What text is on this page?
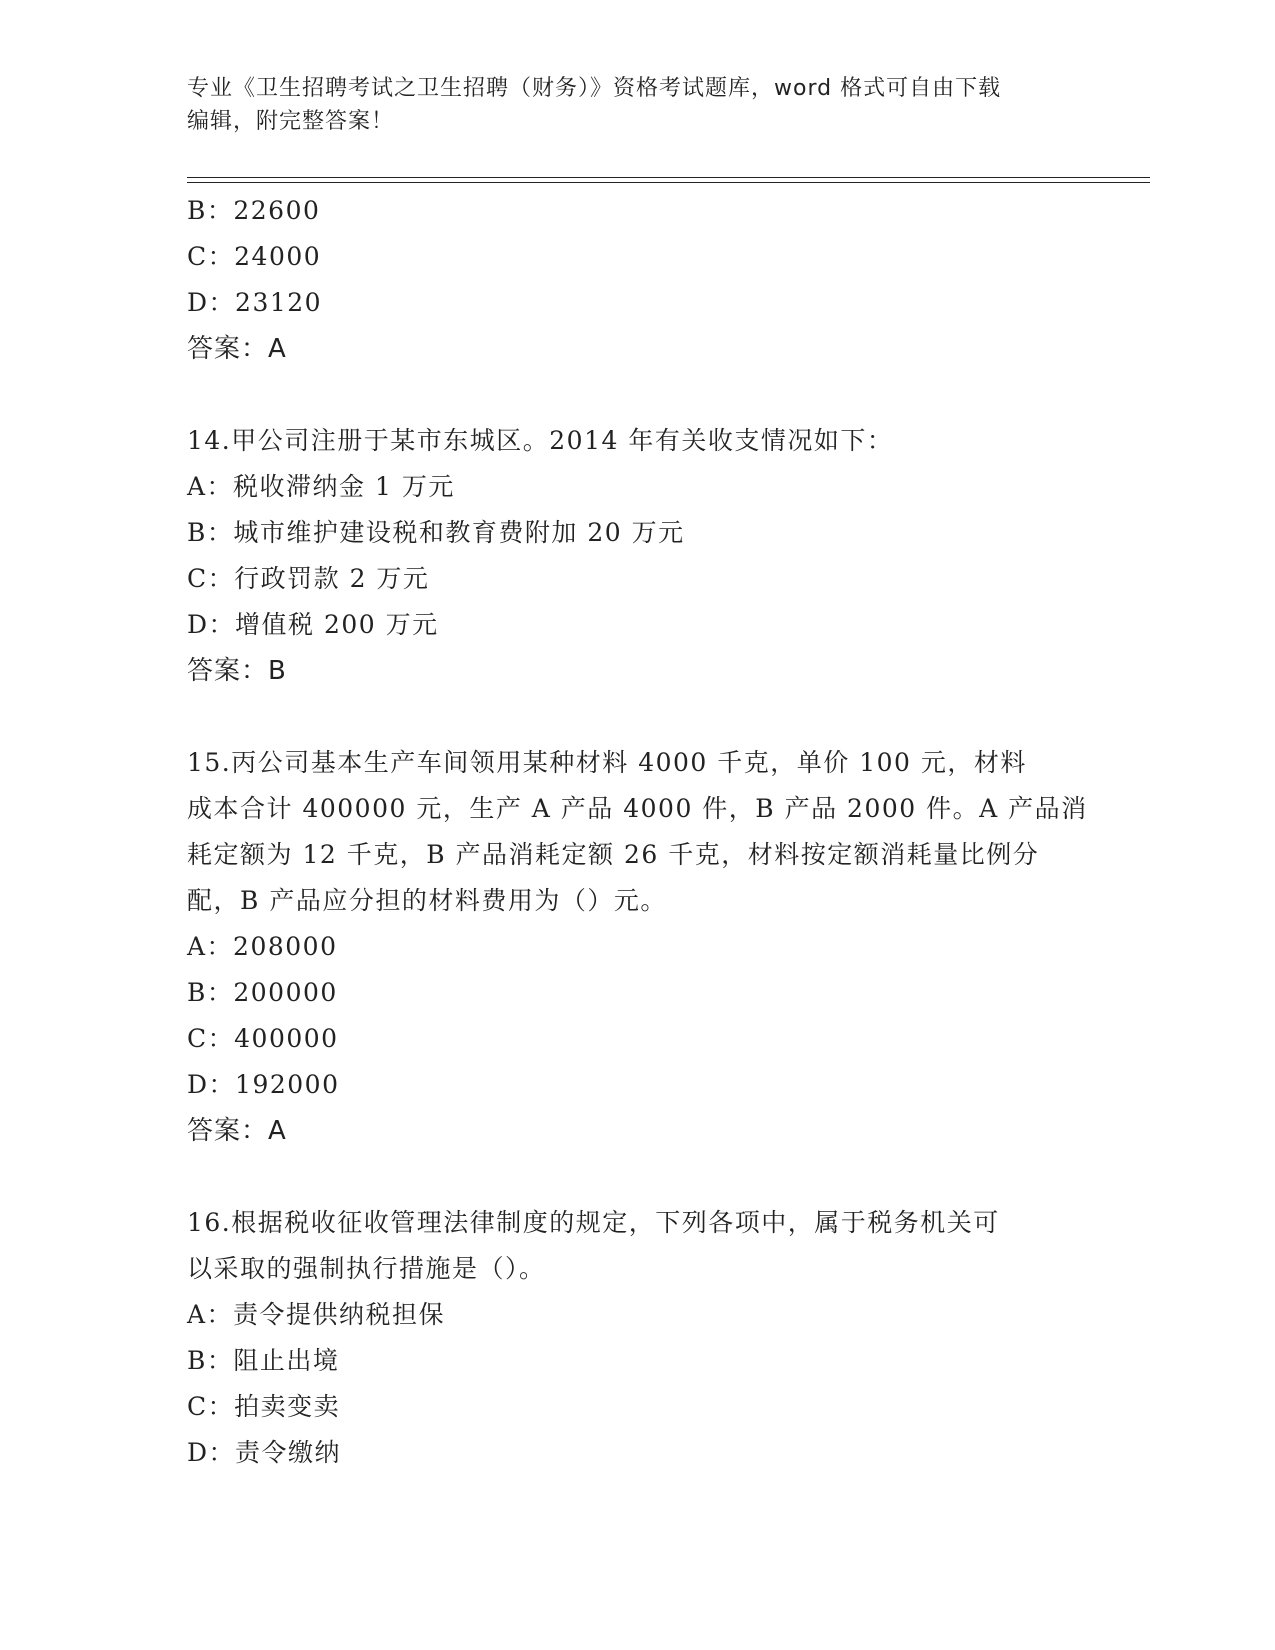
专业《卫生招聘考试之卫生招聘（财务）》资格考试题库，word 格式可自由下载
编辑，附完整答案！
B：22600
C：24000
D：23120
答案：A
14.甲公司注册于某市东城区。2014 年有关收支情况如下：
A：税收滞纳金 1 万元
B：城市维护建设税和教育费附加 20 万元
C：行政罚款 2 万元
D：增值税 200 万元
答案：B
15.丙公司基本生产车间领用某种材料 4000 千克，单价 100 元，材料
成本合计 400000 元，生产 A 产品 4000 件，B 产品 2000 件。A 产品消
耗定额为 12 千克，B 产品消耗定额 26 千克，材料按定额消耗量比例分
配，B 产品应分担的材料费用为（）元。
A：208000
B：200000
C：400000
D：192000
答案：A
16.根据税收征收管理法律制度的规定，下列各项中，属于税务机关可
以采取的强制执行措施是（）。
A：责令提供纳税担保
B：阻止出境
C：拍卖变卖
D：责令缴纳
